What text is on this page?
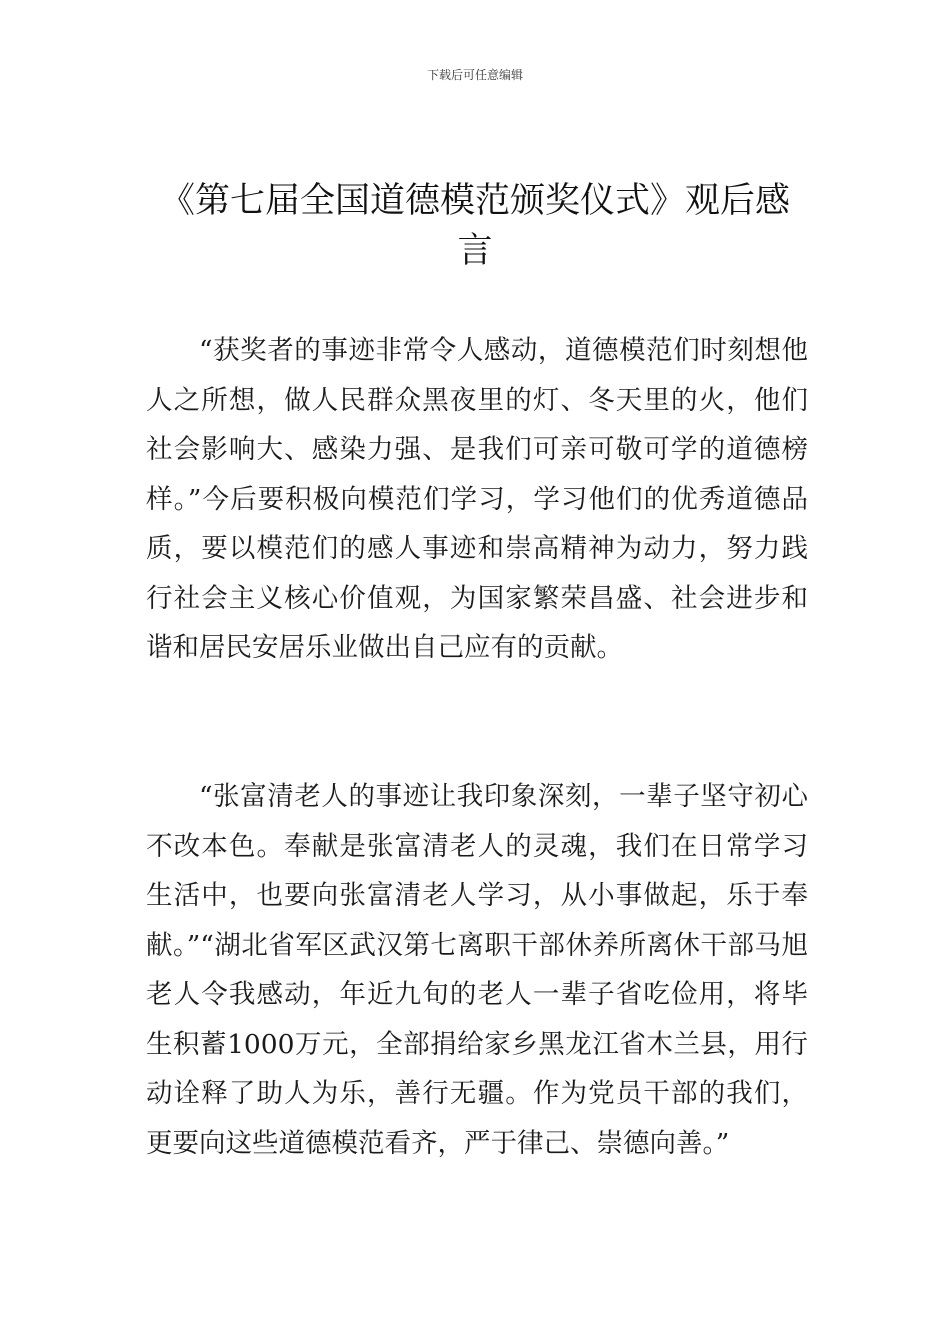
下载后可任意编辑
《第七届全国道德模范颁奖仪式》观后感言

“获奖者的事迹非常令人感动，道德模范们时刻想他人之所想，做人民群众黑夜里的灯、冬天里的火，他们社会影响大、感染力强、是我们可亲可敬可学的道德榜样。”今后要积极向模范们学习，学习他们的优秀道德品质，要以模范们的感人事迹和崇高精神为动力，努力践行社会主义核心价值观，为国家繁荣昌盛、社会进步和谐和居民安居乐业做出自己应有的贡献。

“张富清老人的事迹让我印象深刻，一辈子坚守初心不改本色。奉献是张富清老人的灵魂，我们在日常学习生活中，也要向张富清老人学习，从小事做起，乐于奉献。”“湖北省军区武汉第七离职干部休养所离休干部马旭老人令我感动，年近九旬的老人一辈子省吃俭用，将毕生积蓄1000万元，全部捐给家乡黑龙江省木兰县，用行动诠释了助人为乐，善行无疆。作为党员干部的我们，更要向这些道德模范看齐，严于律己、崇德向善。”
